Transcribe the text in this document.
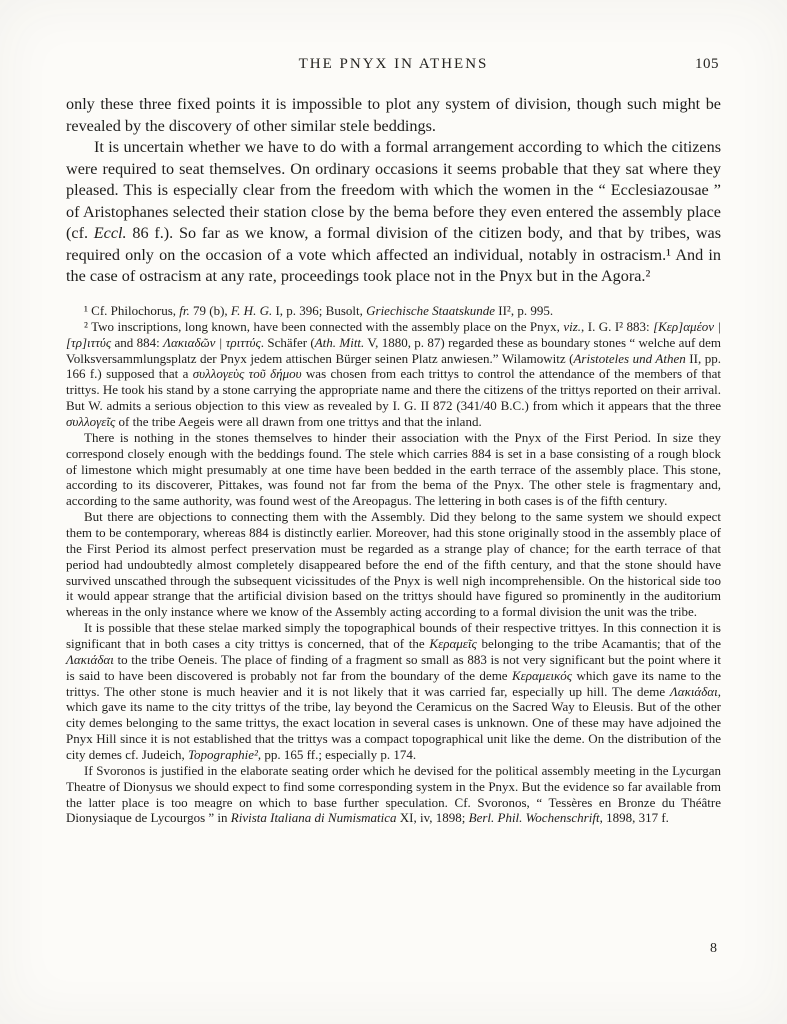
THE PNYX IN ATHENS	105

only these three fixed points it is impossible to plot any system of division, though such might be revealed by the discovery of other similar stele beddings.

It is uncertain whether we have to do with a formal arrangement according to which the citizens were required to seat themselves. On ordinary occasions it seems probable that they sat where they pleased. This is especially clear from the freedom with which the women in the “ Ecclesiazousae ” of Aristophanes selected their station close by the bema before they even entered the assembly place (cf. Eccl. 86 f.). So far as we know, a formal division of the citizen body, and that by tribes, was required only on the occasion of a vote which affected an individual, notably in ostracism.¹ And in the case of ostracism at any rate, proceedings took place not in the Pnyx but in the Agora.²

¹ Cf. Philochorus, fr. 79 (b), F. H. G. I, p. 396; Busolt, Griechische Staatskunde II², p. 995.

² Two inscriptions, long known, have been connected with the assembly place on the Pnyx, viz., I. G. I² 883: [Κερ]αμέον | [τρ]ιττύς and 884: Λακιαδῶν | τριττύς. Schäfer (Ath. Mitt. V, 1880, p. 87) regarded these as boundary stones “ welche auf dem Volksversammlungsplatz der Pnyx jedem attischen Bürger seinen Platz anwiesen.” Wilamowitz (Aristoteles und Athen II, pp. 166 f.) supposed that a συλλογεὺς τοῦ δήμου was chosen from each trittys to control the attendance of the members of that trittys. He took his stand by a stone carrying the appropriate name and there the citizens of the trittys reported on their arrival. But W. admits a serious objection to this view as revealed by I. G. II 872 (341/40 B.C.) from which it appears that the three συλλογεῖς of the tribe Aegeis were all drawn from one trittys and that the inland.

There is nothing in the stones themselves to hinder their association with the Pnyx of the First Period. In size they correspond closely enough with the beddings found. The stele which carries 884 is set in a base consisting of a rough block of limestone which might presumably at one time have been bedded in the earth terrace of the assembly place. This stone, according to its discoverer, Pittakes, was found not far from the bema of the Pnyx. The other stele is fragmentary and, according to the same authority, was found west of the Areopagus. The lettering in both cases is of the fifth century.

But there are objections to connecting them with the Assembly. Did they belong to the same system we should expect them to be contemporary, whereas 884 is distinctly earlier. Moreover, had this stone originally stood in the assembly place of the First Period its almost perfect preservation must be regarded as a strange play of chance; for the earth terrace of that period had undoubtedly almost completely disappeared before the end of the fifth century, and that the stone should have survived unscathed through the subsequent vicissitudes of the Pnyx is well nigh incomprehensible. On the historical side too it would appear strange that the artificial division based on the trittys should have figured so prominently in the auditorium whereas in the only instance where we know of the Assembly acting according to a formal division the unit was the tribe.

It is possible that these stelae marked simply the topographical bounds of their respective trittyes. In this connection it is significant that in both cases a city trittys is concerned, that of the Κεραμεῖς belonging to the tribe Acamantis; that of the Λακιάδαι to the tribe Oeneis. The place of finding of a fragment so small as 883 is not very significant but the point where it is said to have been discovered is probably not far from the boundary of the deme Κεραμεικός which gave its name to the trittys. The other stone is much heavier and it is not likely that it was carried far, especially up hill. The deme Λακιάδαι, which gave its name to the city trittys of the tribe, lay beyond the Ceramicus on the Sacred Way to Eleusis. But of the other city demes belonging to the same trittys, the exact location in several cases is unknown. One of these may have adjoined the Pnyx Hill since it is not established that the trittys was a compact topographical unit like the deme. On the distribution of the city demes cf. Judeich, Topographie², pp. 165 ff.; especially p. 174.

If Svoronos is justified in the elaborate seating order which he devised for the political assembly meeting in the Lycurgan Theatre of Dionysus we should expect to find some corresponding system in the Pnyx. But the evidence so far available from the latter place is too meagre on which to base further speculation. Cf. Svoronos, “ Tessères en Bronze du Théâtre Dionysiaque de Lycourgos ” in Rivista Italiana di Numismatica XI, iv, 1898; Berl. Phil. Wochenschrift, 1898, 317 f.

8
